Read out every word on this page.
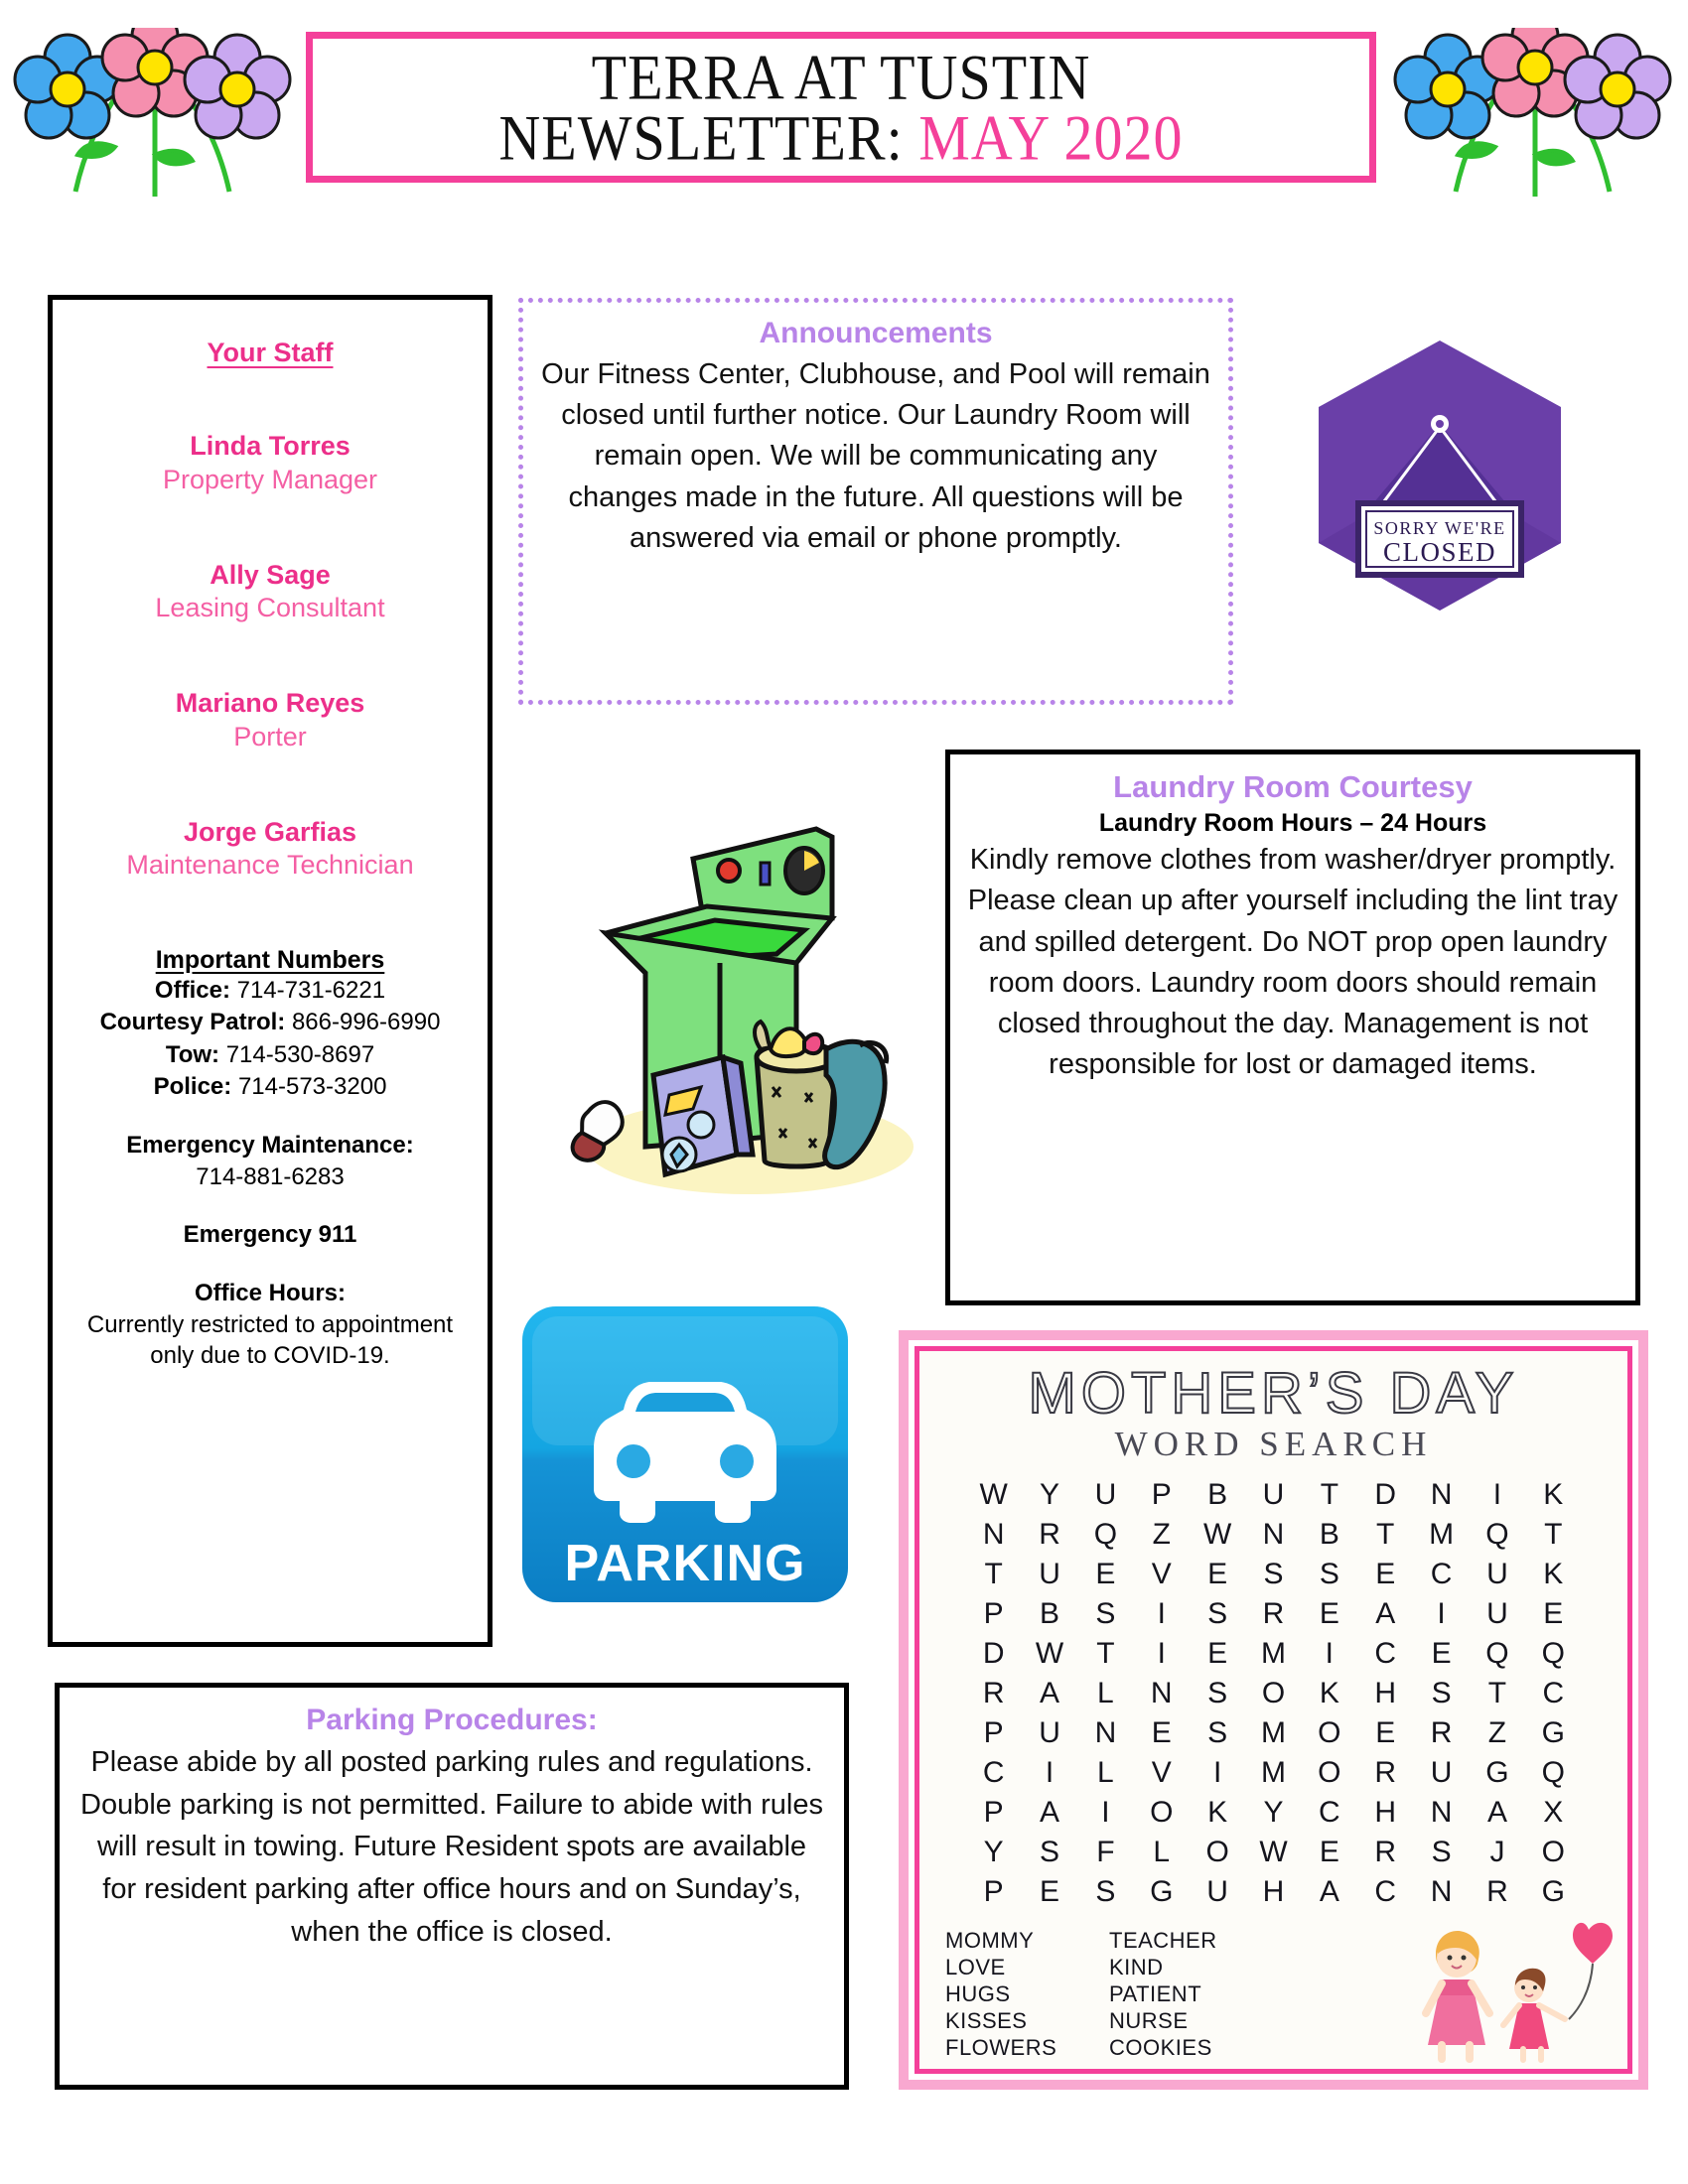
TERRA AT TUSTIN
NEWSLETTER: MAY 2020
Your Staff
Linda Torres
Property Manager
Ally Sage
Leasing Consultant
Mariano Reyes
Porter
Jorge Garfias
Maintenance Technician
Important Numbers
Office: 714-731-6221
Courtesy Patrol: 866-996-6990
Tow: 714-530-8697
Police: 714-573-3200
Emergency Maintenance:
714-881-6283
Emergency 911
Office Hours:
Currently restricted to appointment only due to COVID-19.
Announcements
Our Fitness Center, Clubhouse, and Pool will remain closed until further notice. Our Laundry Room will remain open. We will be communicating any changes made in the future. All questions will be answered via email or phone promptly.	SORRY WE'RE
CLOSED
Laundry Room Courtesy
Laundry Room Hours – 24 Hours
Kindly remove clothes from washer/dryer promptly. Please clean up after yourself including the lint tray and spilled detergent. Do NOT prop open laundry room doors. Laundry room doors should remain closed throughout the day. Management is not responsible for lost or damaged items.
PARKING
Parking Procedures:
Please abide by all posted parking rules and regulations. Double parking is not permitted. Failure to abide with rules will result in towing. Future Resident spots are available for resident parking after office hours and on Sunday’s, when the office is closed.
MOTHER’S DAY
WORD SEARCH
W	Y	U	P	B	U	T	D	N	I	K
N	R	Q	Z	W	N	B	T	M	Q	T
T	U	E	V	E	S	S	E	C	U	K
P	B	S	I	S	R	E	A	I	U	E
D	W	T	I	E	M	I	C	E	Q	Q
R	A	L	N	S	O	K	H	S	T	C
P	U	N	E	S	M	O	E	R	Z	G
C	I	L	V	I	M	O	R	U	G	Q
P	A	I	O	K	Y	C	H	N	A	X
Y	S	F	L	O	W	E	R	S	J	O
P	E	S	G	U	H	A	C	N	R	G
MOMMY	TEACHER
LOVE	KIND
HUGS	PATIENT
KISSES	NURSE
FLOWERS	COOKIES
